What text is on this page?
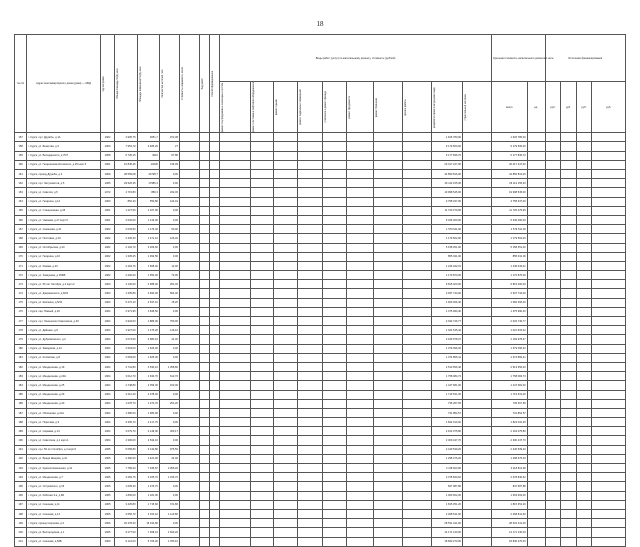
18
№ п/п	Адрес многоквартирного дома (дома) — МКД	Год постройки	Общая площадь МКД, кв.м.	Площадь помещений МКД, кв.м.	Количество жителей, чел.	Стоимость капремонта, всего	Вид работ	Способ формирования	Виды работ (услуг) по капитальному ремонту, стоимость (рублей)										Удельная стоимость капитального ремонта 1 кв.м.		Источники финансирования			

									ремонт внутридомовых инженерных систем	ремонт или замена лифтового оборудования	ремонт крыши	ремонт подвальных помещений	утепление и ремонт фасада	ремонт фундамента	ремонт балконов	прочие работы	разработка проектной документации	строительный контроль	всего	ед.	руб.	руб.	руб.	руб.
157	г. Курск, пр-т Дружбы, д.1А	1962	4 905,75	3051,7	972,38												1 626 780,00		1 626 780,00					
158	г. Курск, ул. Бекетова, д.3	1960	7 954,70	3 485,29	27												9 179 500,00		9 179 500,00					
159	г. Курск, ул. Володарского, д.75/7	1958	6 735,15	4910	87,88												6 177 836,70		6 177 836,70					
160	г. Курск, ул. Гагаринская-Котовского, д.25 корп.5	1961	16 845,46	10230	136,09												20 417 247,00		20 417 247,00					
161	г. Курск, проезд Дружбы, д.2	1969	38 559,08	23738,7	0,00												44 850 816,00		44 850 816,00					
162	г. Курск, пр-т Энтузиастов, д.5	1965	29 520,35	17985,4	0,00												26 112 155,30		26 112 155,30					
163	г. Курск, ул. Советов, д.5	1972	4 715,80	880,3	232,30												19 998 545,00		19 998 545,00					
164	г. Курск, ул. Гагарина, д.14	1960	852,20	550,80	124,01												3 758 337,00		3 758 337,00					
165	г. Курск, ул. Станционная, д.46	1961	1 227,50	1 107,90	0,00												11 720 479,96		11 720 479,96					
166	г. Курск, ул. Чапаева, д.27 корп.5	1961	2 632,00	1 116,00	0,00												5 346 460,00		5 346 460,00					
167	г. Курск, ул. Семенова, д.21	1962	2 033,50	1 176,40	50,00												1 579 511,00		1 579 511,00					
168	г. Курск, ул. Почтовая, д.19	1962	2 436,30	1 471,10	126,40												1 179 562,00		1 179 562,00					
169	г. Курск, ул. Октябрьская, д.20	1962	2 104,70	2 209,60	0,00												5 158 351,00		5 158 351,00					
170	г. Курск, ул. Гагарина, д.16	1962	1 335,25	1 092,50	0,00												855 041,00		855 041,00					
171	г. Курск, ул. Ракова, д.20	1962	2 294,76	1 508,40	12,00												1 246 042,01		1 246 042,01					
172	г. Курск, ул. Хаккунова, д.15ФВ	1962	2 292,60	1 550,40	72,00												1 170 870,00		1 170 870,00					
173	г. Курск, ул. 50 лет Октября, д.4 корп.2	1963	4 130,00	2 688,00	261,40												9 815 400,00		9 815 400,00					
174	г. Курск, ул. Дзержинского, д.66/3	1963	1 335,89	2 690,00	564,30												2 937 744,00		2 937 744,00					
175	г. Курск, ул. Шилкина, д.5/15	1963	5 472,10	2 537,10	15,20												1 660 466,40		1 660 466,40					
176	г. Курск, пер. Южный, д.20	1964	2 971,95	1 846,50	0,00												1 375 990,40		1 375 990,40					
177	г. Курск, пр-т Ленинского Комсомола, д.29	1964	2 934,00	1 886,00	750,00												2 032 746,77		2 032 746,77					
178	г. Курск, ул. Дейнеки, д.9	1964	1 927,00	1 175,20	116,10												1 021 515,42		1 021 515,42					
179	г. Курск, ул. Дубровинского, д.2	1964	4 074,60	3 680,10	41,40												2 169 978,37		2 169 978,37					
180	г. Курск, ул. Заводская, д.12	1964	2 504,00	1 626,00	0,00												1 379 096,32		1 379 096,32					
181	г. Курск, ул. Котовская, д.8	1964	2 593,00	1 625,00	0,00												1 374 866,41		1 374 866,41					
182	г. Курск, ул. Менделеева, д.19	1964	4 741,80	3 530,10	1 358,80												2 513 656,40		2 513 656,40					
183	г. Курск, ул. Менделеева, д.23А	1964	3 012,70	1 630,70	612,70												1 758 084,73		1 758 084,73					
184	г. Курск, ул. Менделеева, д.25	1964	2 748,80	2 356,30	152,00												1 447 681,00		1 447 681,00					
185	г. Курск, ул. Менделеева, д.29	1964	3 212,20	2 378,40	0,00												1 719 631,00		1 719 631,00					
186	г. Курск, ул. Менделеева, д.40	1964	1 678,70	1 274,70	251,20												735 267,65		735 267,65					
187	г. Курск, ул. Обоянская, д.21А	1964	1 380,00	1 380,00	0,00												731 854,57		731 854,57					
188	г. Курск, ул. Пирогова, д.9	1964	3 305,70	2 417,70	0,00												1 822 010,30		1 822 010,30					
189	г. Курск, ул. Сараева, д.13	1964	4 079,70	2 149,00	300,17												2 162 075,80		2 162 075,80					
190	г. Курск, ул. Советская, д.1 корп.1	1964	4 300,00	2 542,10	0,00												2 300 447,70		2 300 447,70					
191	г. Курск, пр-т 50 лет Октября, д.4 корп.5	1965	5 055,80	3 130,80	975,56												2 440 539,20		2 440 539,20					
192	г. Курск, ул. Бради Шацова, д.41	1965	2 460,00	1 421,00	44,00												1 298 475,20		1 298 475,20					
193	г. Курск, ул. Красноплеменская, д.41	1965	7 786,20	7 045,87	2 065,20												4 118 813,96		4 118 813,96					
194	г. Курск, ул. Менделеева, д.7	1965	4 284,75	3 165,70	1 156,70												2 378 840,62		2 378 840,62					
195	г. Курск, ул. Островского, д.15	1965	1 605,30	1 276,70	0,00												847 687,86		847 687,86					
196	г. Курск, ул. Рабочая 3-я, д.6Б	1965	1 830,00	1 181,00	0,00												1 063 602,00		1 063 602,00					
197	г. Курск, ул. Союзная, д.11	1965	3 425,80	1 715,60	721,80												1 815 351,20		1 815 351,20					
198	г. Курск, ул. Союзная, д.14	1965	4 656,70	3 164,10	1 113,80												2 468 541,60		2 468 541,60					
199	г. Курск, проезд Сергеева, д.3	1966	20 478,20	15 344,80	0,00												28 531 441,00		28 531 441,00					
200	г. Курск, ул. Белгородская, д.1	1965	9 277,00	7 368,10	1 843,20												14 171 130,00		14 171 130,00					
201	г. Курск, ул. Союзная, д.66Б	1960	9 121,00	5 706,40	1 780,10												18 840 270,00		18 840 270,00					
